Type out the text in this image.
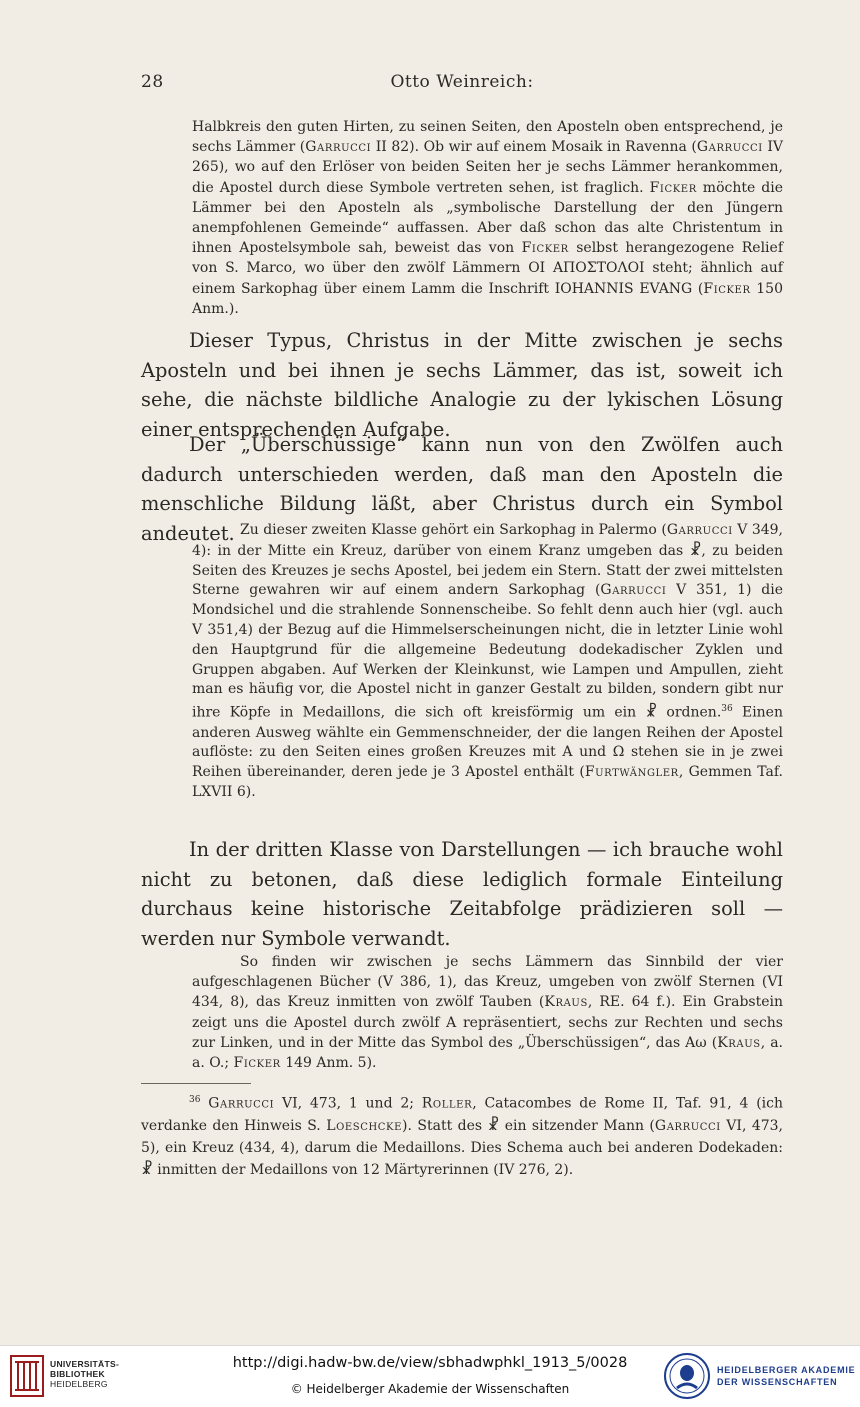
28	Otto Weinreich:

Halbkreis den guten Hirten, zu seinen Seiten, den Aposteln oben entsprechend, je sechs Lämmer (Garrucci II 82). Ob wir auf einem Mosaik in Ravenna (Garrucci IV 265), wo auf den Erlöser von beiden Seiten her je sechs Lämmer herankommen, die Apostel durch diese Symbole vertreten sehen, ist fraglich. Ficker möchte die Lämmer bei den Aposteln als „symbolische Darstellung der den Jüngern anempfohlenen Gemeinde“ auffassen. Aber daß schon das alte Christentum in ihnen Apostelsymbole sah, beweist das von Ficker selbst herangezogene Relief von S. Marco, wo über den zwölf Lämmern ΟΙ ΑΠΟΣΤΟΛΟΙ steht; ähnlich auf einem Sarkophag über einem Lamm die Inschrift IOHANNIS EVANG (Ficker 150 Anm.).

Dieser Typus, Christus in der Mitte zwischen je sechs Aposteln und bei ihnen je sechs Lämmer, das ist, soweit ich sehe, die nächste bildliche Analogie zu der lykischen Lösung einer entsprechenden Aufgabe.

Der „Überschüssige“ kann nun von den Zwölfen auch dadurch unterschieden werden, daß man den Aposteln die menschliche Bildung läßt, aber Christus durch ein Symbol andeutet. Zu dieser zweiten Klasse gehört ein Sarkophag in Palermo (Garrucci V 349, 4): in der Mitte ein Kreuz, darüber von einem Kranz umgeben das ☧, zu beiden Seiten des Kreuzes je sechs Apostel, bei jedem ein Stern. Statt der zwei mittelsten Sterne gewahren wir auf einem andern Sarkophag (Garrucci V 351, 1) die Mondsichel und die strahlende Sonnenscheibe. So fehlt denn auch hier (vgl. auch V 351,4) der Bezug auf die Himmelserscheinungen nicht, die in letzter Linie wohl den Hauptgrund für die allgemeine Bedeutung dodekadischer Zyklen und Gruppen abgaben. Auf Werken der Kleinkunst, wie Lampen und Ampullen, zieht man es häufig vor, die Apostel nicht in ganzer Gestalt zu bilden, sondern gibt nur ihre Köpfe in Medaillons, die sich oft kreisförmig um ein ☧ ordnen.$^{36}$ Einen anderen Ausweg wählte ein Gemmenschneider, der die langen Reihen der Apostel auflöste: zu den Seiten eines großen Kreuzes mit A und Ω stehen sie in je zwei Reihen übereinander, deren jede je 3 Apostel enthält (Furtwängler, Gemmen Taf. LXVII 6).

In der dritten Klasse von Darstellungen — ich brauche wohl nicht zu betonen, daß diese lediglich formale Einteilung durchaus keine historische Zeitabfolge prädizieren soll — werden nur Symbole verwandt.

So finden wir zwischen je sechs Lämmern das Sinnbild der vier aufgeschlagenen Bücher (V 386, 1), das Kreuz, umgeben von zwölf Sternen (VI 434, 8), das Kreuz inmitten von zwölf Tauben (Kraus, RE. 64 f.). Ein Grabstein zeigt uns die Apostel durch zwölf A repräsentiert, sechs zur Rechten und sechs zur Linken, und in der Mitte das Symbol des „Überschüssigen“, das Aω (Kraus, a. a. O.; Ficker 149 Anm. 5).

$^{36}$ Garrucci VI, 473, 1 und 2; Roller, Catacombes de Rome II, Taf. 91, 4 (ich verdanke den Hinweis S. Loeschcke). Statt des ☧ ein sitzender Mann (Garrucci VI, 473, 5), ein Kreuz (434, 4), darum die Medaillons. Dies Schema auch bei anderen Dodekaden: ☧ inmitten der Medaillons von 12 Märtyrerinnen (IV 276, 2).

UNIVERSITÄTS-
BIBLIOTHEK
HEIDELBERG
http://digi.hadw-bw.de/view/sbhadwphkl_1913_5/0028
© Heidelberger Akademie der Wissenschaften
HEIDELBERGER AKADEMIE
DER WISSENSCHAFTEN
